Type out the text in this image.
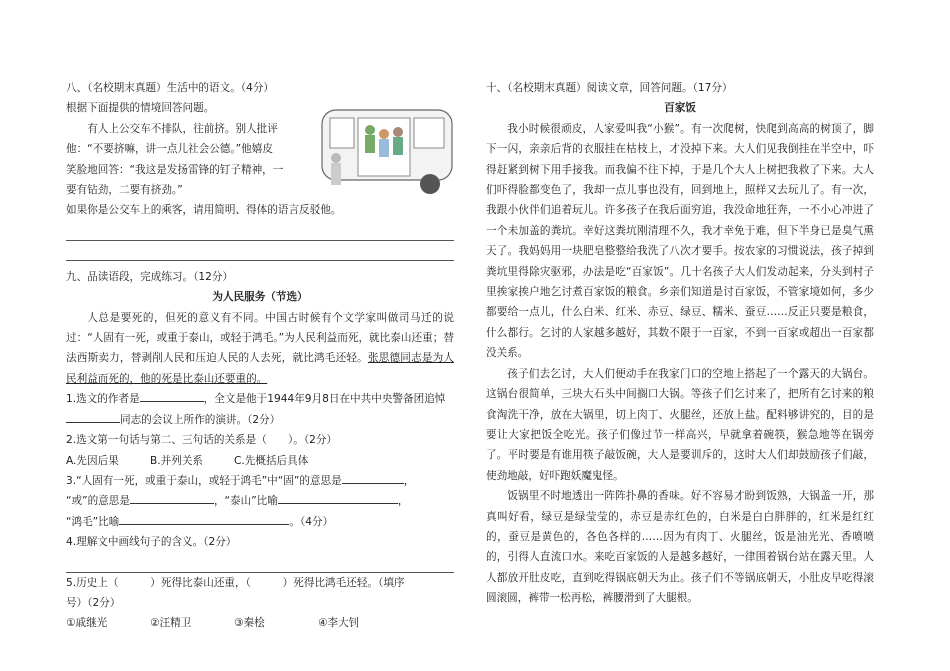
八、（名校期末真题）生活中的语文。（4分）

根据下面提供的情境回答问题。

有人上公交车不排队，往前挤。别人批评

他：“不要挤嘛，讲一点儿社会公德。”他嬉皮

笑脸地回答：“我这是发扬雷锋的钉子精神，一

要有钻劲，二要有挤劲。”

如果你是公交车上的乘客，请用简明、得体的语言反驳他。

九、品读语段，完成练习。（12分）

为人民服务（节选）

人总是要死的，但死的意义有不同。中国古时候有个文学家叫做司马迁的说过：“人固有一死，或重于泰山，或轻于鸿毛。”为人民利益而死，就比泰山还重；替法西斯卖力，替剥削人民和压迫人民的人去死，就比鸿毛还轻。张思德同志是为人民利益而死的，他的死是比泰山还要重的。

1.选文的作者是	，全文是他于1944年9月8日在中共中央警备团追悼

同志的会议上所作的演讲。（2分）

2.选文第一句话与第二、三句话的关系是（　　）。（2分）

A.先因后果	B.并列关系	C.先概括后具体

3.“人固有一死，或重于泰山，或轻于鸿毛”中“固”的意思是	，

“或”的意思是	，“泰山”比喻	，

“鸿毛”比喻	。（4分）

4.理解文中画线句子的含义。（2分）

5.历史上（　　　）死得比泰山还重，（　　　）死得比鸿毛还轻。（填序

号）（2分）

①戚继光	②汪精卫	③秦桧	④李大钊

十、（名校期末真题）阅读文章，回答问题。（17分）

百家饭

我小时候很顽皮，人家爱叫我“小猴”。有一次爬树，快爬到高高的树顶了，脚下一闪，亲亲后背的衣服挂在枯枝上，才没掉下来。大人们见我倒挂在半空中，吓得赶紧到树下用手接我。而我偏不往下掉，于是几个大人上树把我救了下来。大人们吓得脸都变色了，我却一点儿事也没有，回到地上，照样又去玩儿了。有一次，我跟小伙伴们追着玩儿。许多孩子在我后面穷追，我没命地狂奔，一不小心冲进了一个未加盖的粪坑。幸好这粪坑刚清理不久，我才幸免于难，但下半身已是臭气熏天了。我妈妈用一块肥皂整整给我洗了八次才要手。按农家的习惯说法，孩子掉到粪坑里得除灾驱邪，办法是吃“百家饭”。几十名孩子大人们发动起来，分头到村子里挨家挨户地乞讨煮百家饭的粮食。乡亲们知道是讨百家饭，不管家境如何，多少都要给一点儿，什么白米、红米、赤豆、绿豆、糯米、蚕豆……反正只要是粮食，什么都行。乞讨的人家越多越好，其数不限于一百家，不到一百家或超出一百家都没关系。

孩子们去乞讨，大人们便动手在我家门口的空地上搭起了一个露天的大锅台。这锅台很简单，三块大石头中间搁口大锅。等孩子们乞讨来了，把所有乞讨来的粮食淘洗干净，放在大锅里，切上肉丁、火腿丝，还放上盐。配料够讲究的，目的是要让大家把饭全吃光。孩子们像过节一样高兴，早就拿着碗筷，猴急地等在锅旁了。平时要是有谁用筷子敲饭碗，大人是要训斥的，这时大人们却鼓励孩子们敲，使劲地敲，好吓跑妖魔鬼怪。

饭锅里不时地透出一阵阵扑鼻的香味。好不容易才盼到饭熟，大锅盖一开，那真叫好看，绿豆是绿莹莹的，赤豆是赤红色的，白米是白白胖胖的，红米是红红的，蚕豆是黄色的，各色各样的……因为有肉丁、火腿丝，饭是油光光、香喷喷的，引得人直流口水。来吃百家饭的人是越多越好，一律围着锅台站在露天里。人人都放开肚皮吃，直到吃得锅底朝天为止。孩子们不等锅底朝天，小肚皮早吃得滚圆滚圆，裤带一松再松，裤腰滑到了大腿根。
